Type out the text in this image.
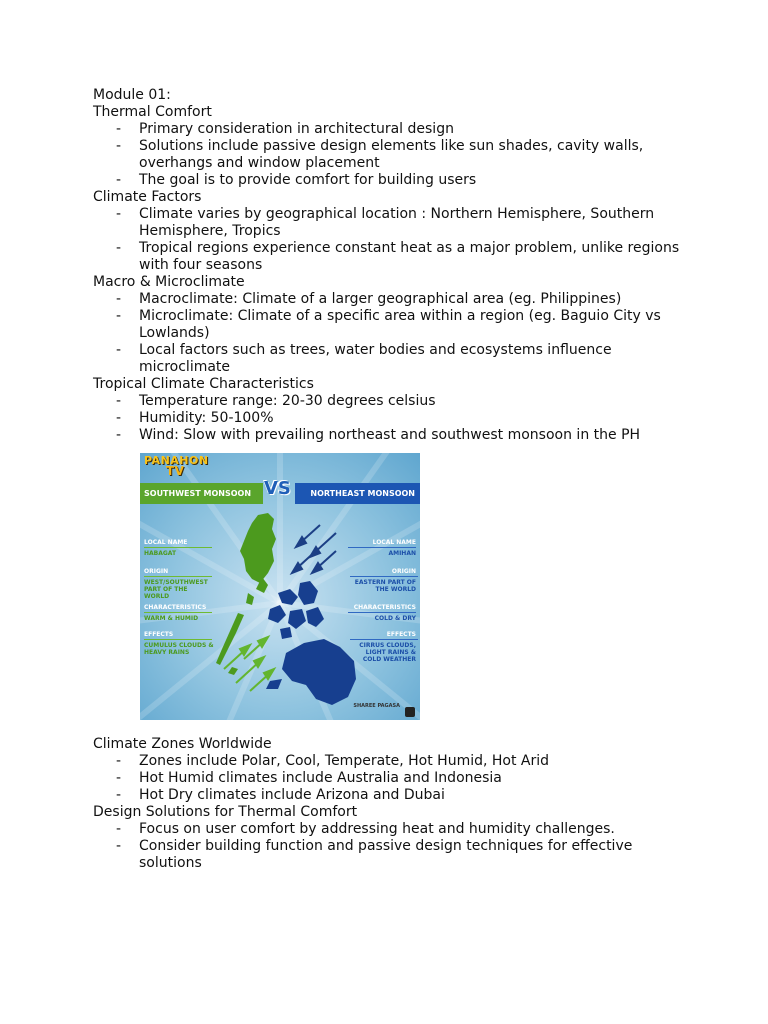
Module 01:
Thermal Comfort
- Primary consideration in architectural design
- Solutions include passive design elements like sun shades, cavity walls, overhangs and window placement
- The goal is to provide comfort for building users
Climate Factors
- Climate varies by geographical location : Northern Hemisphere, Southern Hemisphere, Tropics
- Tropical regions experience constant heat as a major problem, unlike regions with four seasons
Macro & Microclimate
- Macroclimate: Climate of a larger geographical area (eg. Philippines)
- Microclimate: Climate of a specific area within a region (eg. Baguio City vs Lowlands)
- Local factors such as trees, water bodies and ecosystems influence microclimate
Tropical Climate Characteristics
- Temperature range: 20-30 degrees celsius
- Humidity: 50-100%
- Wind: Slow with prevailing northeast and southwest monsoon in the PH
PANAHON
TV
SOUTHWEST MONSOON VS	NORTHEAST MONSOON
LOCAL NAME
HABAGAT
ORIGIN
WEST/SOUTHWEST PART OF THE WORLD
CHARACTERISTICS
WARM & HUMID
EFFECTS
CUMULUS CLOUDS & HEAVY RAINS
LOCAL NAME
AMIHAN
ORIGIN
EASTERN PART OF THE WORLD
CHARACTERISTICS
COLD & DRY
EFFECTS
CIRRUS CLOUDS, LIGHT RAINS & COLD WEATHER
SHAREE PAGASA
Climate Zones Worldwide
- Zones include Polar, Cool, Temperate, Hot Humid, Hot Arid
- Hot Humid climates include Australia and Indonesia
- Hot Dry climates include Arizona and Dubai
Design Solutions for Thermal Comfort
- Focus on user comfort by addressing heat and humidity challenges.
- Consider building function and passive design techniques for effective solutions
